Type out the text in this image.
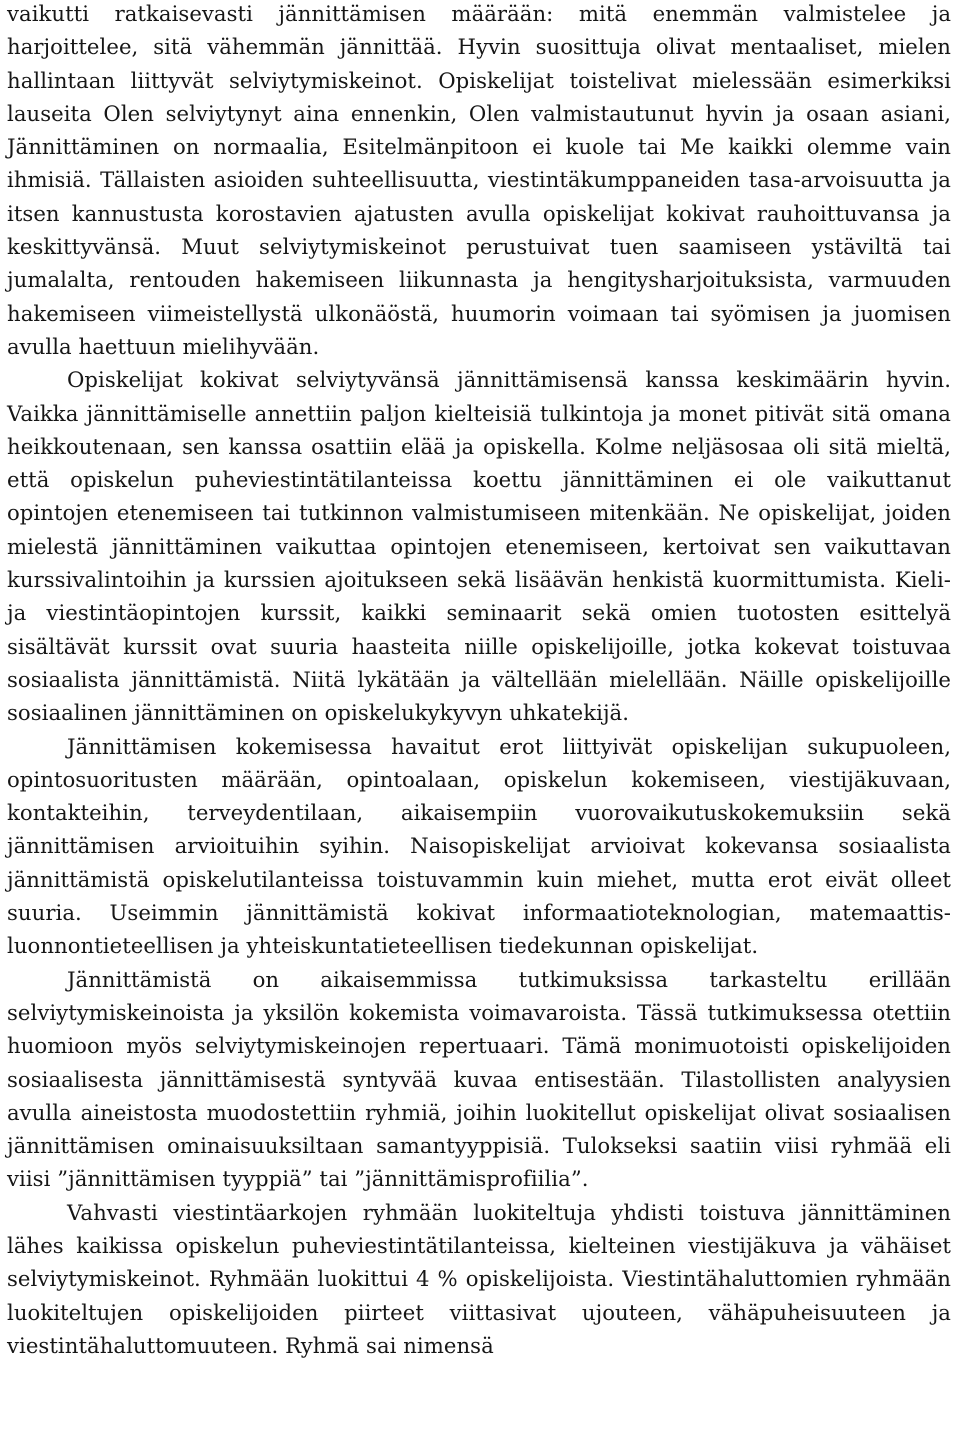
vaikutti ratkaisevasti jännittämisen määrään: mitä enemmän valmistelee ja harjoittelee, sitä vähemmän jännittää. Hyvin suosittuja olivat mentaaliset, mielen hallintaan liittyvät selviytymiskeinot. Opiskelijat toistelivat mielessään esimerkiksi lauseita Olen selviytynyt aina ennenkin, Olen valmistautunut hyvin ja osaan asiani, Jännittäminen on normaalia, Esitelmänpitoon ei kuole tai Me kaikki olemme vain ihmisiä. Tällaisten asioiden suhteellisuutta, viestintäkumppaneiden tasa-arvoisuutta ja itsen kannustusta korostavien ajatusten avulla opiskelijat kokivat rauhoittuvansa ja keskittyvänsä. Muut selviytymiskeinot perustuivat tuen saamiseen ystäviltä tai jumalalta, rentouden hakemiseen liikunnasta ja hengitysharjoituksista, varmuuden hakemiseen viimeistellystä ulkonäöstä, huumorin voimaan tai syömisen ja juomisen avulla haettuun mielihyvään.

Opiskelijat kokivat selviytyvänsä jännittämisensä kanssa keskimäärin hyvin. Vaikka jännittämiselle annettiin paljon kielteisiä tulkintoja ja monet pitivät sitä omana heikkoutenaan, sen kanssa osattiin elää ja opiskella. Kolme neljäsosaa oli sitä mieltä, että opiskelun puheviestintätilanteissa koettu jännittäminen ei ole vaikuttanut opintojen etenemiseen tai tutkinnon valmistumiseen mitenkään. Ne opiskelijat, joiden mielestä jännittäminen vaikuttaa opintojen etenemiseen, kertoivat sen vaikuttavan kurssivalintoihin ja kurssien ajoitukseen sekä lisäävän henkistä kuormittumista. Kieli- ja viestintäopintojen kurssit, kaikki seminaarit sekä omien tuotosten esittelyä sisältävät kurssit ovat suuria haasteita niille opiskelijoille, jotka kokevat toistuvaa sosiaalista jännittämistä. Niitä lykätään ja vältellään mielellään. Näille opiskelijoille sosiaalinen jännittäminen on opiskelukykyvyn uhkatekijä.

Jännittämisen kokemisessa havaitut erot liittyivät opiskelijan sukupuoleen, opintosuoritusten määrään, opintoalaan, opiskelun kokemiseen, viestijäkuvaan, kontakteihin, terveydentilaan, aikaisempiin vuorovaikutuskokemuksiin sekä jännittämisen arvioituihin syihin. Naisopiskelijat arvioivat kokevansa sosiaalista jännittämistä opiskelutilanteissa toistuvammin kuin miehet, mutta erot eivät olleet suuria. Useimmin jännittämistä kokivat informaatioteknologian, matemaattis-luonnontieteellisen ja yhteiskuntatieteellisen tiedekunnan opiskelijat.

Jännittämistä on aikaisemmissa tutkimuksissa tarkasteltu erillään selviytymiskeinoista ja yksilön kokemista voimavaroista. Tässä tutkimuksessa otettiin huomioon myös selviytymiskeinojen repertuaari. Tämä monimuotoisti opiskelijoiden sosiaalisesta jännittämisestä syntyvää kuvaa entisestään. Tilastollisten analyysien avulla aineistosta muodostettiin ryhmiä, joihin luokitellut opiskelijat olivat sosiaalisen jännittämisen ominaisuuksiltaan samantyyppisiä. Tulokseksi saatiin viisi ryhmää eli viisi ”jännittämisen tyyppiä” tai ”jännittämisprofiilia”.

Vahvasti viestintäarkojen ryhmään luokiteltuja yhdisti toistuva jännittäminen lähes kaikissa opiskelun puheviestintätilanteissa, kielteinen viestijäkuva ja vähäiset selviytymiskeinot. Ryhmään luokittui 4 % opiskelijoista. Viestintähaluttomien ryhmään luokiteltujen opiskelijoiden piirteet viittasivat ujouteen, vähäpuheisuuteen ja viestintähaluttomuuteen. Ryhmä sai nimensä
